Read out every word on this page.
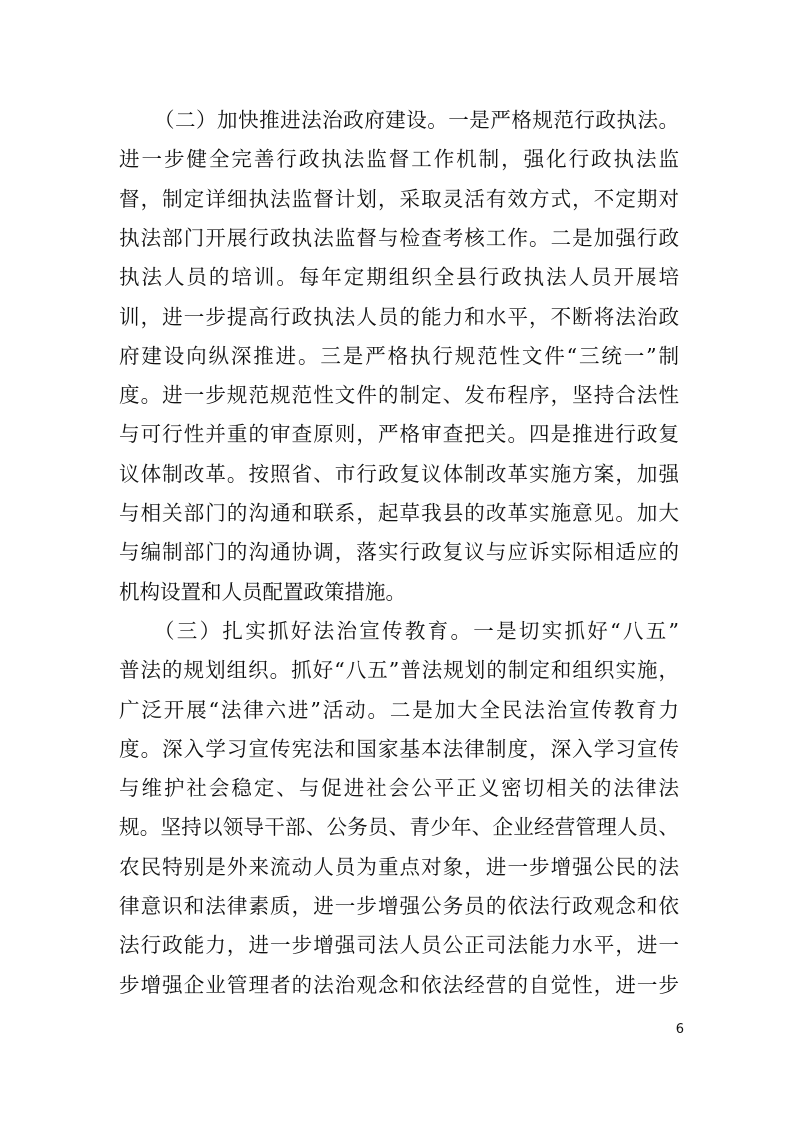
（二）加快推进法治政府建设。一是严格规范行政执法。
进一步健全完善行政执法监督工作机制，强化行政执法监
督，制定详细执法监督计划，采取灵活有效方式，不定期对
执法部门开展行政执法监督与检查考核工作。二是加强行政
执法人员的培训。每年定期组织全县行政执法人员开展培
训，进一步提高行政执法人员的能力和水平，不断将法治政
府建设向纵深推进。三是严格执行规范性文件“三统一”制
度。进一步规范规范性文件的制定、发布程序，坚持合法性
与可行性并重的审查原则，严格审查把关。四是推进行政复
议体制改革。按照省、市行政复议体制改革实施方案，加强
与相关部门的沟通和联系，起草我县的改革实施意见。加大
与编制部门的沟通协调，落实行政复议与应诉实际相适应的
机构设置和人员配置政策措施。
（三）扎实抓好法治宣传教育。一是切实抓好“八五”
普法的规划组织。抓好“八五”普法规划的制定和组织实施，
广泛开展“法律六进”活动。二是加大全民法治宣传教育力
度。深入学习宣传宪法和国家基本法律制度，深入学习宣传
与维护社会稳定、与促进社会公平正义密切相关的法律法
规。坚持以领导干部、公务员、青少年、企业经营管理人员、
农民特别是外来流动人员为重点对象，进一步增强公民的法
律意识和法律素质，进一步增强公务员的依法行政观念和依
法行政能力，进一步增强司法人员公正司法能力水平，进一
步增强企业管理者的法治观念和依法经营的自觉性，进一步
6
